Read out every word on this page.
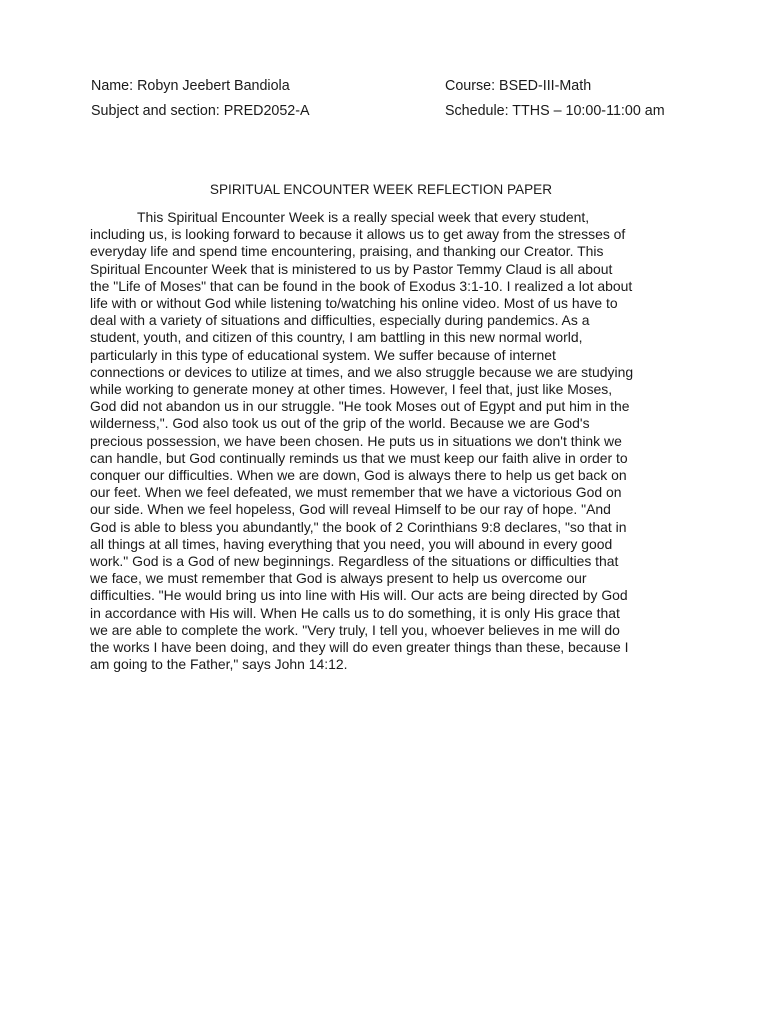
Name: Robyn Jeebert Bandiola	Course: BSED-III-Math
Subject and section: PRED2052-A	Schedule: TTHS – 10:00-11:00 am
SPIRITUAL ENCOUNTER WEEK REFLECTION PAPER

This Spiritual Encounter Week is a really special week that every student,
including us, is looking forward to because it allows us to get away from the stresses of
everyday life and spend time encountering, praising, and thanking our Creator. This
Spiritual Encounter Week that is ministered to us by Pastor Temmy Claud is all about
the "Life of Moses" that can be found in the book of Exodus 3:1-10. I realized a lot about
life with or without God while listening to/watching his online video. Most of us have to
deal with a variety of situations and difficulties, especially during pandemics. As a
student, youth, and citizen of this country, I am battling in this new normal world,
particularly in this type of educational system. We suffer because of internet
connections or devices to utilize at times, and we also struggle because we are studying
while working to generate money at other times. However, I feel that, just like Moses,
God did not abandon us in our struggle. "He took Moses out of Egypt and put him in the
wilderness,". God also took us out of the grip of the world. Because we are God's
precious possession, we have been chosen. He puts us in situations we don't think we
can handle, but God continually reminds us that we must keep our faith alive in order to
conquer our difficulties. When we are down, God is always there to help us get back on
our feet. When we feel defeated, we must remember that we have a victorious God on
our side. When we feel hopeless, God will reveal Himself to be our ray of hope. "And
God is able to bless you abundantly," the book of 2 Corinthians 9:8 declares, "so that in
all things at all times, having everything that you need, you will abound in every good
work." God is a God of new beginnings. Regardless of the situations or difficulties that
we face, we must remember that God is always present to help us overcome our
difficulties. "He would bring us into line with His will. Our acts are being directed by God
in accordance with His will. When He calls us to do something, it is only His grace that
we are able to complete the work. "Very truly, I tell you, whoever believes in me will do
the works I have been doing, and they will do even greater things than these, because I
am going to the Father," says John 14:12.
